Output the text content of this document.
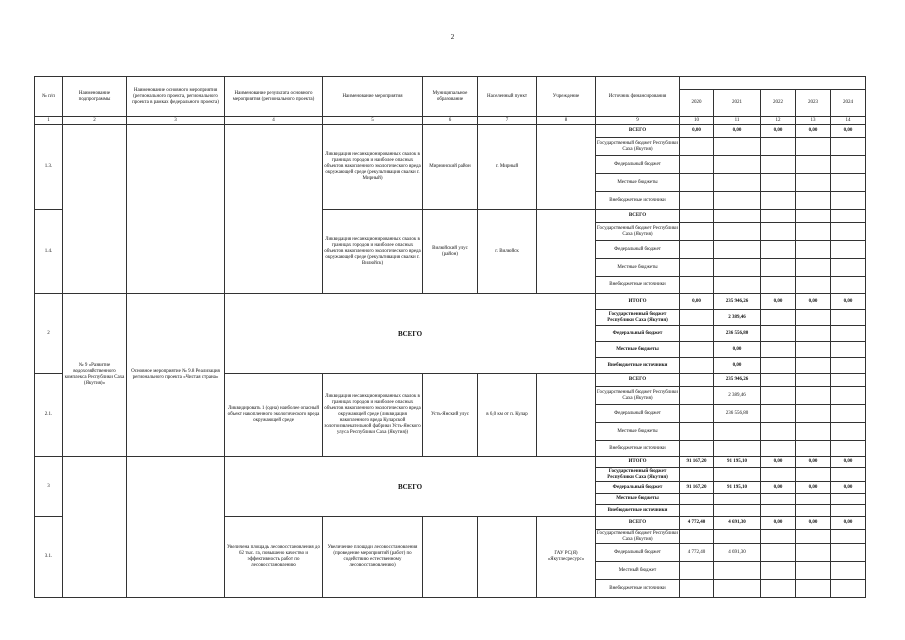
2
№ п/п	Наименование подпрограммы	Наименование основного мероприятия (регионального проекта, регионального проекта в рамках федерального проекта)	Наименование результата основного мероприятия (регионального проекта)	Наименование мероприятия	Муниципальное образование	Населенный пункт	Учреждение	Источник финансирования					
									2020	2021	2022	2023	2024
1	2	3	4	5	6	7	8	9	10	11	12	13	14
1.3.				Ликвидация несанкционированных свалок в границах городов и наиболее опасных объектов накопленного экологического вреда окружающей среде (рекультивация свалки г. Мирный)	Мирнинский район	г. Мирный		ВСЕГО	0,00	0,00	0,00	0,00	0,00
								Государственный бюджет Республики Саха (Якутия)					
								Федеральный бюджет					
								Местные бюджеты					
								Внебюджетные источники					
1.4.				Ликвидация несанкционированных свалок в границах городов и наиболее опасных объектов накопленного экологического вреда окружающей среде (рекультивация свалки г. Вилюйск)	Вилюйский улус (район)	г. Вилюйск		ВСЕГО					
								Государственный бюджет Республики Саха (Якутия)					
								Федеральный бюджет					
								Местные бюджеты					
								Внебюджетные источники					
2	№ 9 «Развитие водохозяйственного комплекса Республики Саха (Якутия)»	Основное мероприятие № 9.8 Реализация регионального проекта «Чистая страна»	ВСЕГО					ИТОГО	0,00	235 946,26	0,00	0,00	0,00
								Государственный бюджет Республики Саха (Якутия)		2 389,46			
								Федеральный бюджет		236 556,80			
								Местные бюджеты		0,00			
								Внебюджетные источники		0,00			
2.1.			Ликвидировать 1 (одна) наиболее опасный объект накопленного экологического вреда окружающей среде	Ликвидация несанкционированных свалок в границах городов и наиболее опасных объектов накопленного экологического вреда окружающей среде (ликвидация накопленного вреда Куларской золотоизвлекательной фабрики Усть-Янского улуса Республики Саха (Якутия))	Усть-Янский улус	в 6,0 км от п. Кулар		ВСЕГО		235 946,26			
								Государственный бюджет Республики Саха (Якутия)		2 389,46			
								Федеральный бюджет		236 556,80			
								Местные бюджеты					
								Внебюджетные источники					
3			ВСЕГО					ИТОГО	91 167,20	91 195,10	0,00	0,00	0,00
								Государственный бюджет Республики Саха (Якутия)					
								Федеральный бюджет	91 167,20	91 195,10	0,00	0,00	0,00
								Местные бюджеты					
								Внебюджетные источники					
3.1.			Увеличена площадь лесовосстановления до 62 тыс. га, повышено качество и эффективность работ по лесовосстановлению	Увеличение площади лесовосстановления (проведение мероприятий (работ) по содействию естественному лесовосстановлению)			ГАУ РС(Я) «Якутлесресурс»	ВСЕГО	4 772,40	4 691,30	0,00	0,00	0,00
								Государственный бюджет Республики Саха (Якутия)					
								Федеральный бюджет	4 772,40	4 691,30			
								Местный бюджет					
								Внебюджетные источники					
